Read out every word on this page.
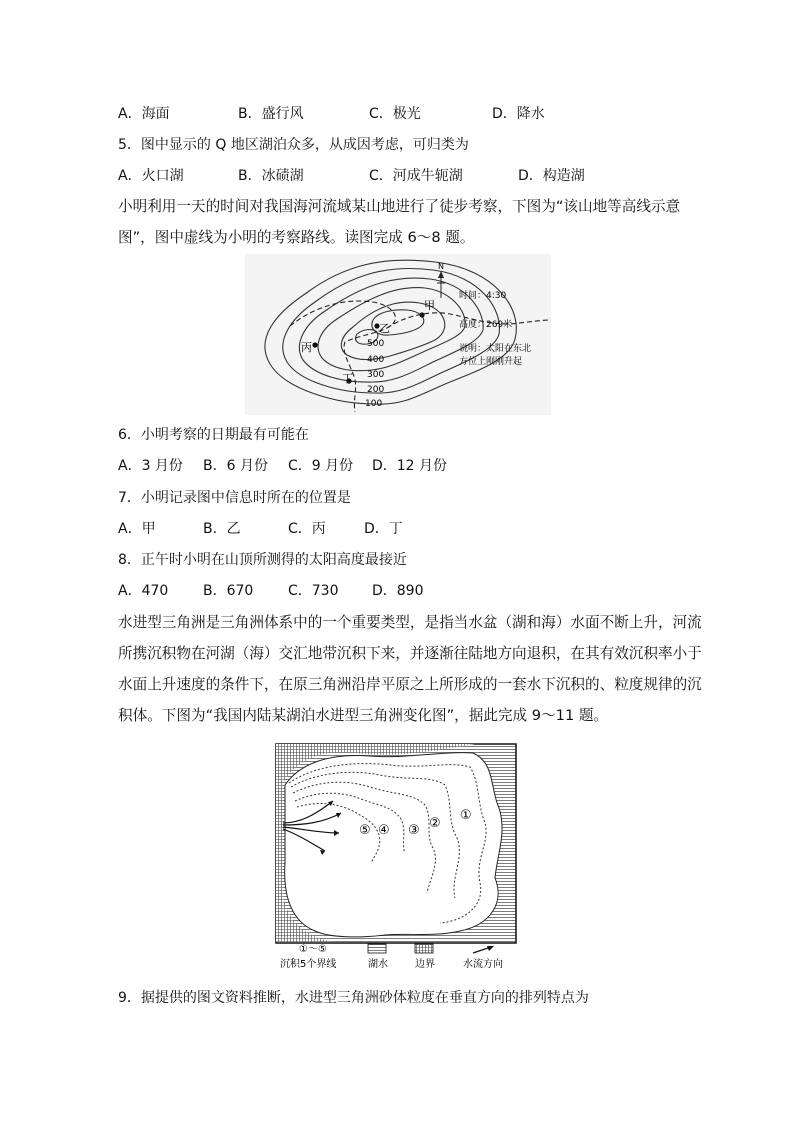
A．海面	B．盛行风	C．极光	D．降水
5．图中显示的 Q 地区湖泊众多，从成因考虑，可归类为
A．火口湖	B．冰碛湖	C．河成牛轭湖	D．构造湖
小明利用一天的时间对我国海河流域某山地进行了徒步考察，下图为“该山地等高线示意
图”，图中虚线为小明的考察路线。读图完成 6～8 题。
甲
乙
丙
丁
500
400
300
200
100
N
时间：4:30
高度：269米
说明：太阳在东北
方位上刚刚升起
6．小明考察的日期最有可能在
A．3 月份 B．6 月份 C．9 月份 D．12 月份
7．小明记录图中信息时所在的位置是
A．甲	B．乙	C．丙	D．丁
8．正午时小明在山顶所测得的太阳高度最接近
A．470 B．670 C．730 D．890
水进型三角洲是三角洲体系中的一个重要类型，是指当水盆（湖和海）水面不断上升，河流
所携沉积物在河湖（海）交汇地带沉积下来，并逐渐往陆地方向退积，在其有效沉积率小于
水面上升速度的条件下，在原三角洲沿岸平原之上所形成的一套水下沉积的、粒度规律的沉
积体。下图为“我国内陆某湖泊水进型三角洲变化图”，据此完成 9～11 题。
⑤ ④ ③ ②
①
①～⑤
沉积5个界线	湖水	边界	水流方向
9．据提供的图文资料推断，水进型三角洲砂体粒度在垂直方向的排列特点为
